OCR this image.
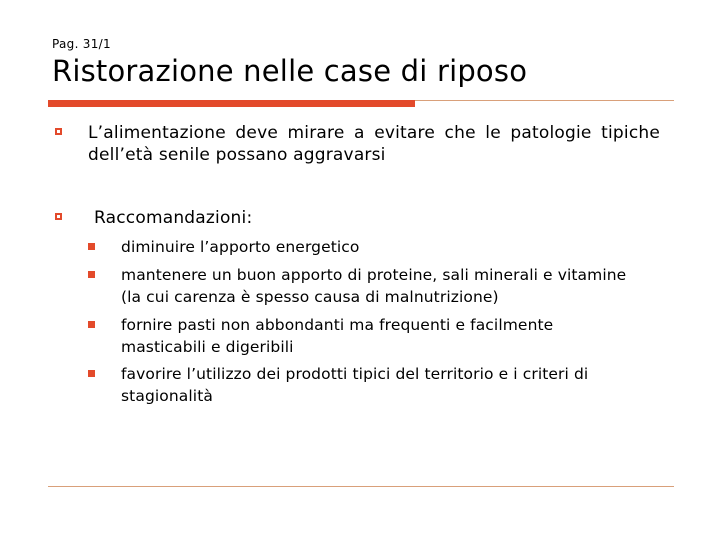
Pag. 31/1
Ristorazione nelle case di riposo
L’alimentazione deve mirare a evitare che le patologie tipiche dell’età senile possano aggravarsi
Raccomandazioni:
diminuire l’apporto energetico
mantenere un buon apporto di proteine, sali minerali e vitamine (la cui carenza è spesso causa di malnutrizione)
fornire pasti non abbondanti ma frequenti e facilmente masticabili e digeribili
favorire l’utilizzo dei prodotti tipici del territorio e i criteri di stagionalità
